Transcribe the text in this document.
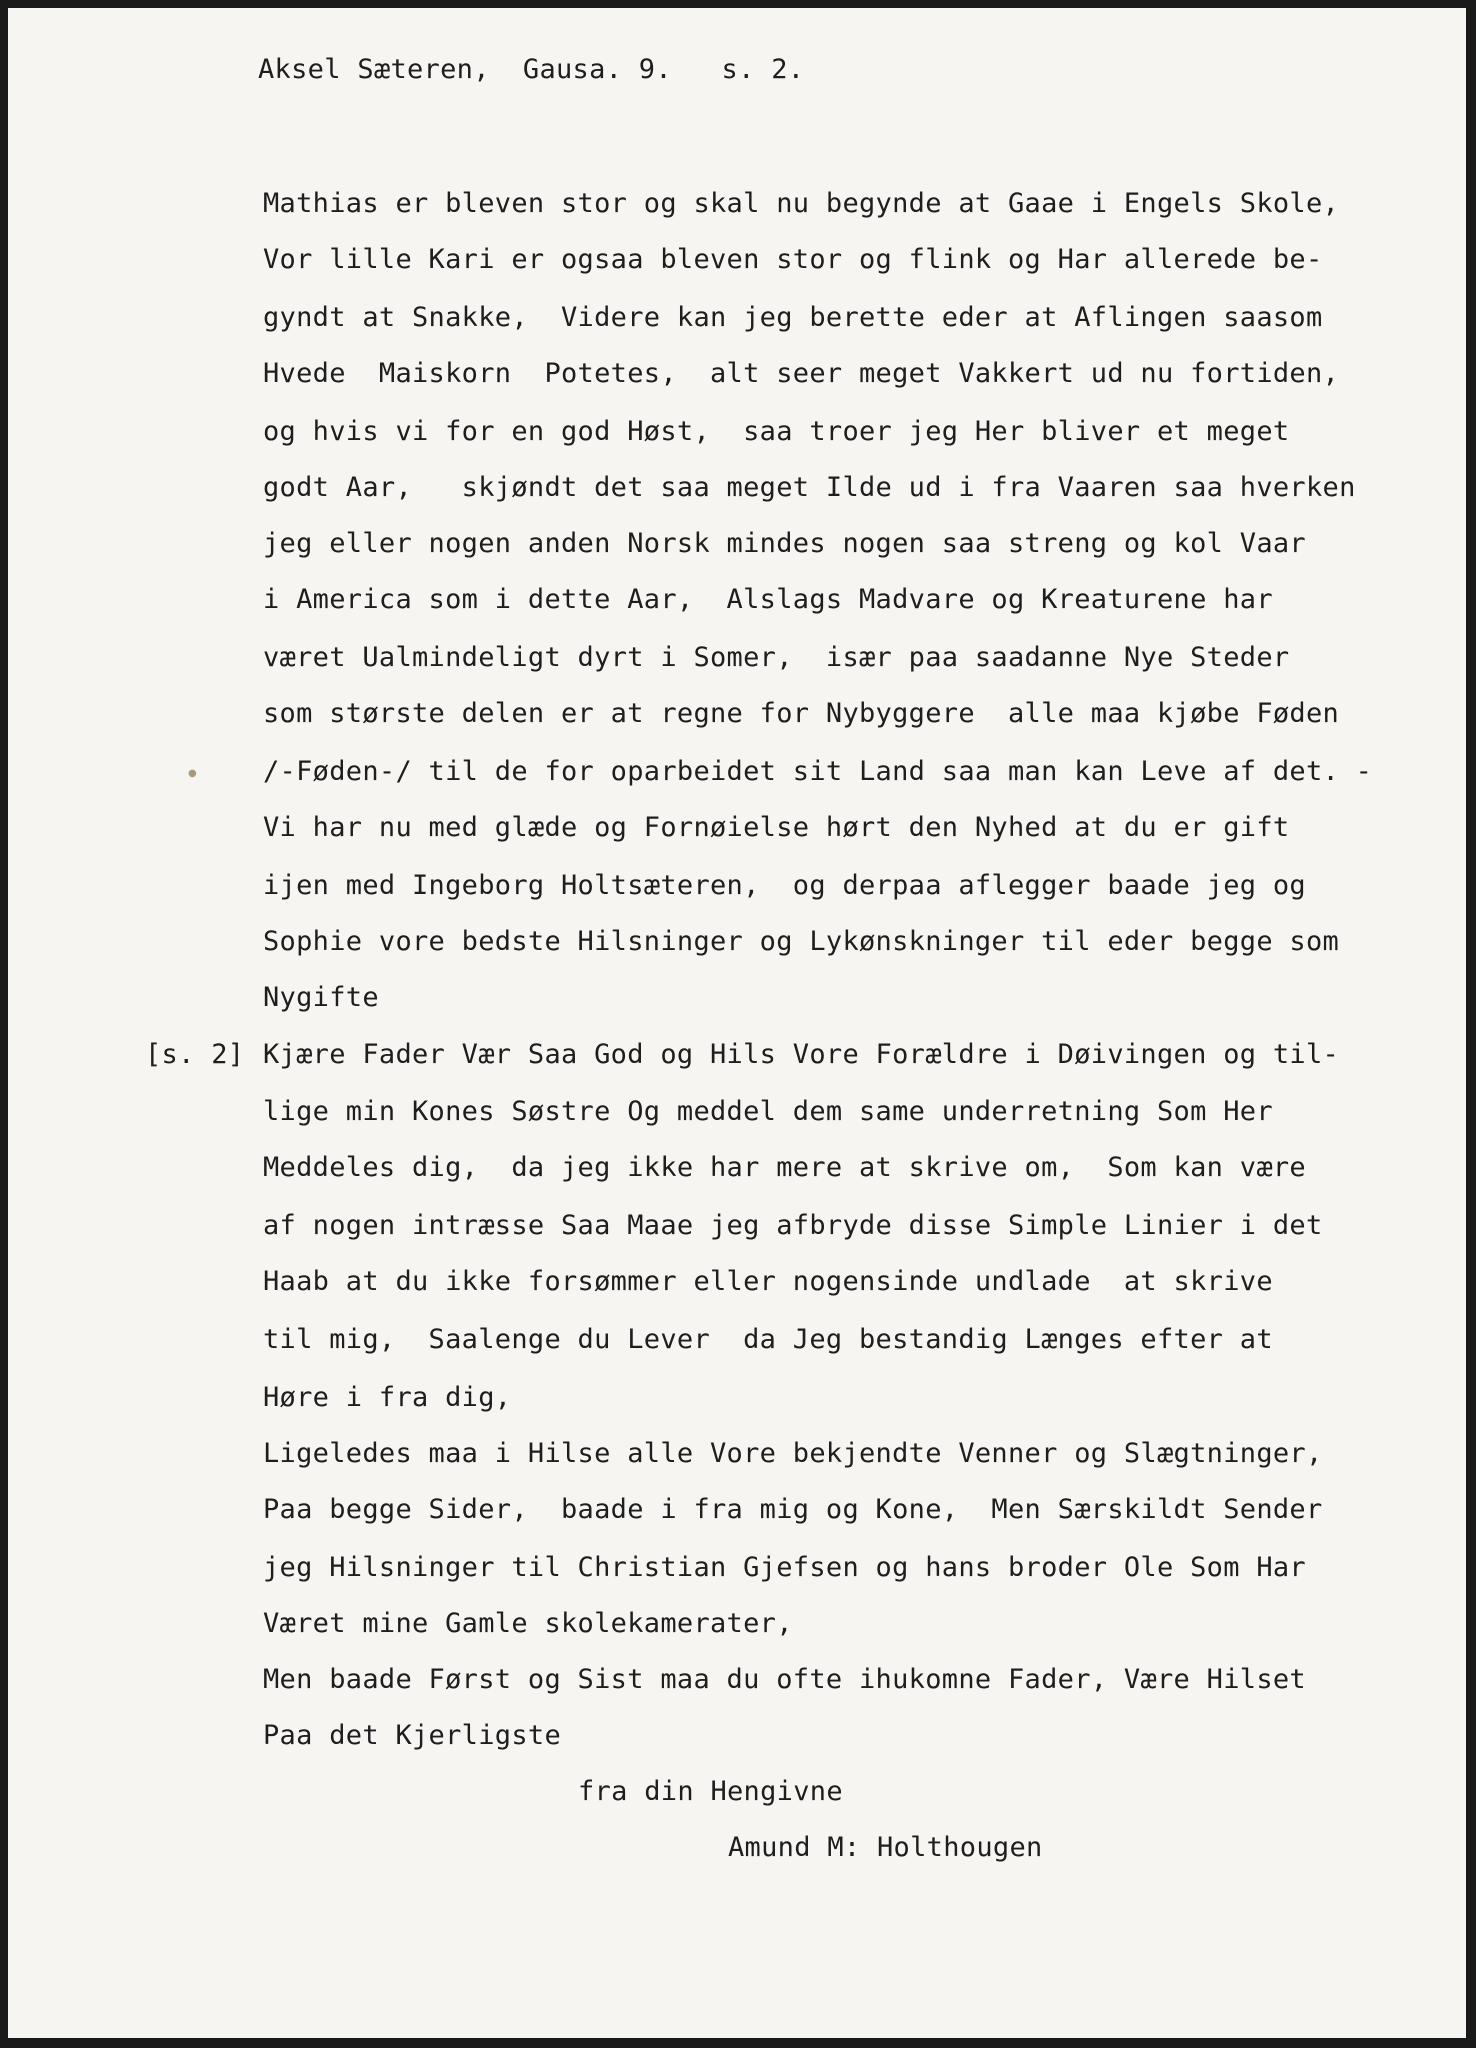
Aksel Sæteren,  Gausa. 9.   s. 2.
Mathias er bleven stor og skal nu begynde at Gaae i Engels Skole,
Vor lille Kari er ogsaa bleven stor og flink og Har allerede be-
gyndt at Snakke,  Videre kan jeg berette eder at Aflingen saasom
Hvede  Maiskorn  Potetes,  alt seer meget Vakkert ud nu fortiden,
og hvis vi for en god Høst,  saa troer jeg Her bliver et meget
godt Aar,   skjøndt det saa meget Ilde ud i fra Vaaren saa hverken
jeg eller nogen anden Norsk mindes nogen saa streng og kol Vaar
i America som i dette Aar,  Alslags Madvare og Kreaturene har
været Ualmindeligt dyrt i Somer,  især paa saadanne Nye Steder
som største delen er at regne for Nybyggere  alle maa kjøbe Føden
/-Føden-/ til de for oparbeidet sit Land saa man kan Leve af det. -
Vi har nu med glæde og Fornøielse hørt den Nyhed at du er gift
ijen med Ingeborg Holtsæteren,  og derpaa aflegger baade jeg og
Sophie vore bedste Hilsninger og Lykønskninger til eder begge som
Nygifte
[s. 2] Kjære Fader Vær Saa God og Hils Vore Forældre i Døivingen og til-
lige min Kones Søstre Og meddel dem same underretning Som Her
Meddeles dig,  da jeg ikke har mere at skrive om,  Som kan være
af nogen intræsse Saa Maae jeg afbryde disse Simple Linier i det
Haab at du ikke forsømmer eller nogensinde undlade  at skrive
til mig,  Saalenge du Lever  da Jeg bestandig Længes efter at
Høre i fra dig,
Ligeledes maa i Hilse alle Vore bekjendte Venner og Slægtninger,
Paa begge Sider,  baade i fra mig og Kone,  Men Særskildt Sender
jeg Hilsninger til Christian Gjefsen og hans broder Ole Som Har
Været mine Gamle skolekamerater,
Men baade Først og Sist maa du ofte ihukomne Fader, Være Hilset
Paa det Kjerligste
fra din Hengivne
Amund M: Holthougen
●
